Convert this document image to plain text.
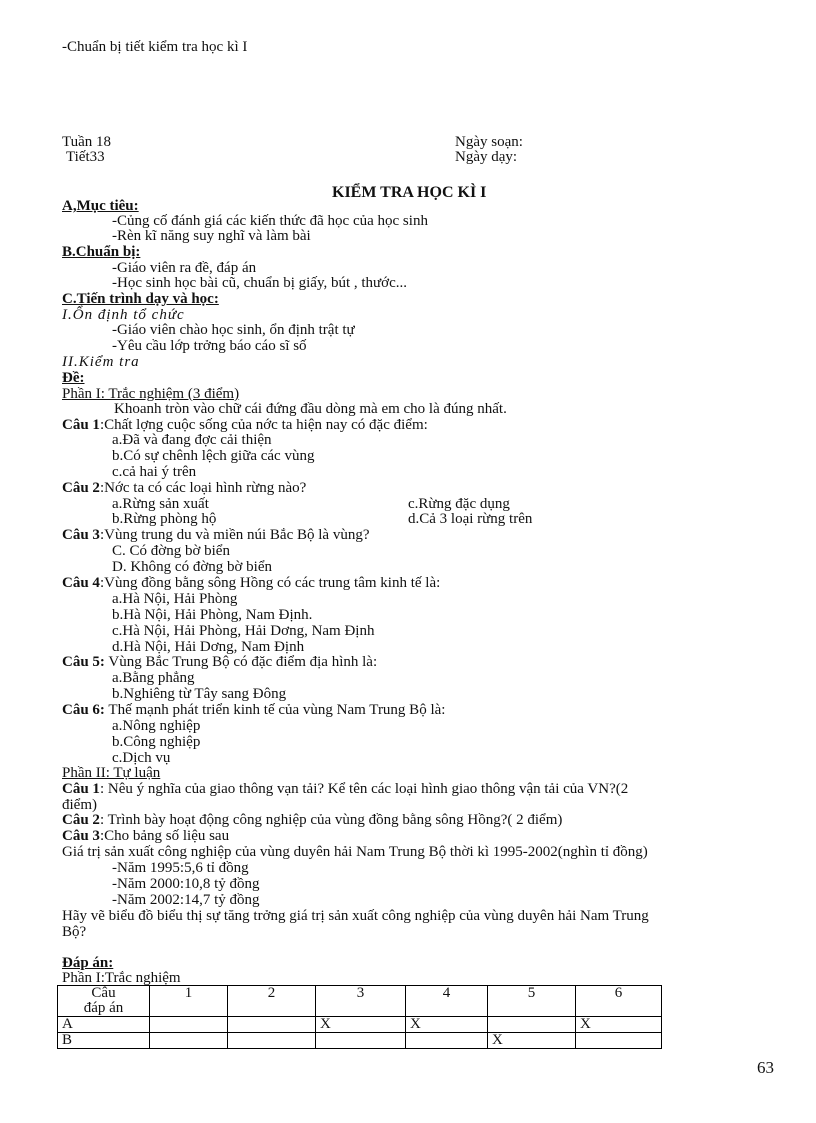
-Chuẩn bị tiết kiểm tra học kì I
Tuần 18
Tiết33
Ngày soạn:
Ngày dạy:
KIỂM TRA HỌC KÌ I
A,Mục tiêu:
-Củng cố đánh giá các kiến thức đã học của học sinh
-Rèn kĩ năng suy nghĩ và làm bài
B.Chuẩn bị:
-Giáo viên ra đề, đáp án
-Học sinh học bài cũ, chuẩn bị giấy, bút , thước...
C.Tiến trình dạy và học:
I.Ổn định tổ chức
-Giáo viên chào học sinh, ổn định trật tự
-Yêu cầu lớp trởng báo cáo sĩ số
II.Kiểm tra
Đề:
Phần I: Trắc nghiệm (3 điểm)
Khoanh tròn vào chữ cái đứng đầu dòng mà em cho là đúng nhất.
Câu 1:Chất lợng cuộc sống của nớc ta hiện nay có đặc điểm:
a.Đã và đang đợc cải thiện
b.Có sự chênh lệch giữa các vùng
c.cả hai ý trên
Câu 2:Nớc ta có các loại hình rừng nào?
a.Rừng sản xuất	c.Rừng đặc dụng
b.Rừng phòng hộ	d.Cả 3 loại rừng trên
Câu 3:Vùng trung du và miền núi Bắc Bộ là vùng?
C. Có đờng bờ biển
D. Không có đờng bờ biển
Câu 4:Vùng đồng bằng sông Hồng có các trung tâm kinh tế là:
a.Hà Nội, Hải Phòng
b.Hà Nội, Hải Phòng, Nam Định.
c.Hà Nội, Hải Phòng, Hải Dơng, Nam Định
d.Hà Nội, Hải Dơng, Nam Định
Câu 5: Vùng Bắc Trung Bộ có đặc điểm địa hình là:
a.Bằng phẳng
b.Nghiêng từ Tây sang Đông
Câu 6: Thế mạnh phát triển kinh tế của vùng Nam Trung Bộ là:
a.Nông nghiệp
b.Công nghiệp
c.Dịch vụ
Phần II: Tự luận
Câu 1: Nêu ý nghĩa của giao thông vạn tải? Kể tên các loại hình giao thông vận tải của VN?(2
điểm)
Câu 2: Trình bày hoạt động công nghiệp của vùng đồng bằng sông Hồng?( 2 điểm)
Câu 3:Cho bảng số liệu sau
Giá trị sản xuất công nghiệp của vùng duyên hải Nam Trung Bộ thời kì 1995-2002(nghìn tỉ đồng)
-Năm 1995:5,6 tỉ đồng
-Năm 2000:10,8 tỷ đồng
-Năm 2002:14,7 tỷ đồng
Hãy vẽ biểu đồ biểu thị sự tăng trởng giá trị sản xuất công nghiệp của vùng duyên hải Nam Trung
Bộ?
Đáp án:
Phần I:Trắc nghiệm
Câu
đáp án	1	2	3	4	5	6
A			X	X		X
B					X	
63
